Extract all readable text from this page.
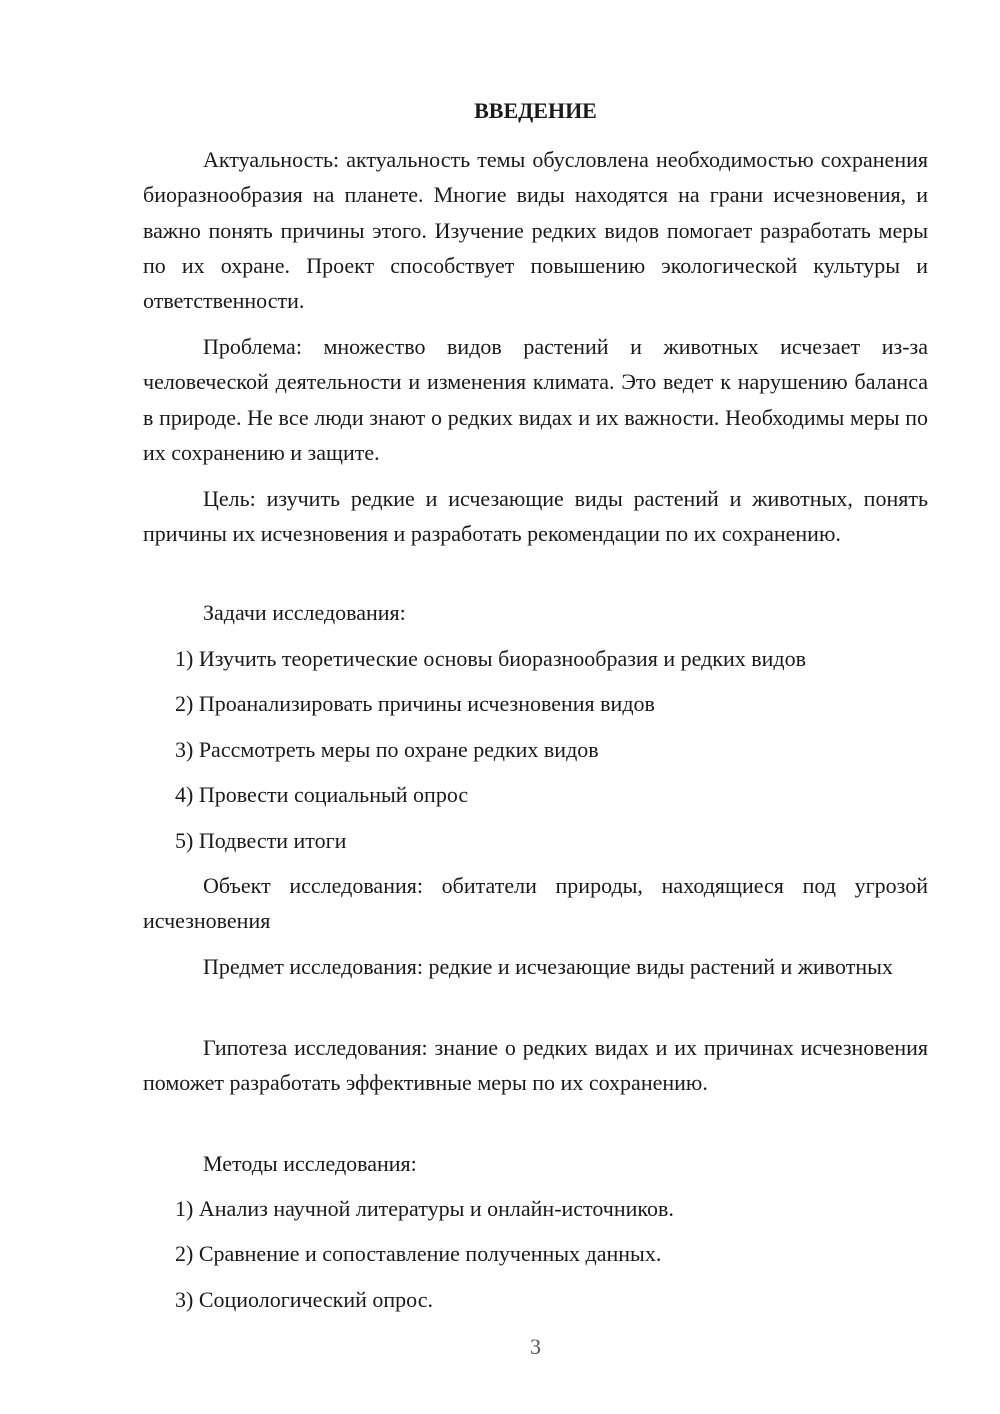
ВВЕДЕНИЕ

Актуальность: актуальность темы обусловлена необходимостью сохранения биоразнообразия на планете. Многие виды находятся на грани исчезновения, и важно понять причины этого. Изучение редких видов помогает разработать меры по их охране. Проект способствует повышению экологической культуры и ответственности.

Проблема: множество видов растений и животных исчезает из-за человеческой деятельности и изменения климата. Это ведет к нарушению баланса в природе. Не все люди знают о редких видах и их важности. Необходимы меры по их сохранению и защите.

Цель: изучить редкие и исчезающие виды растений и животных, понять причины их исчезновения и разработать рекомендации по их сохранению.

Задачи исследования:
1) Изучить теоретические основы биоразнообразия и редких видов
2) Проанализировать причины исчезновения видов
3) Рассмотреть меры по охране редких видов
4) Провести социальный опрос
5) Подвести итоги

Объект исследования: обитатели природы, находящиеся под угрозой исчезновения

Предмет исследования: редкие и исчезающие виды растений и животных

Гипотеза исследования: знание о редких видах и их причинах исчезновения поможет разработать эффективные меры по их сохранению.

Методы исследования:
1) Анализ научной литературы и онлайн-источников.
2) Сравнение и сопоставление полученных данных.
3) Социологический опрос.
3
